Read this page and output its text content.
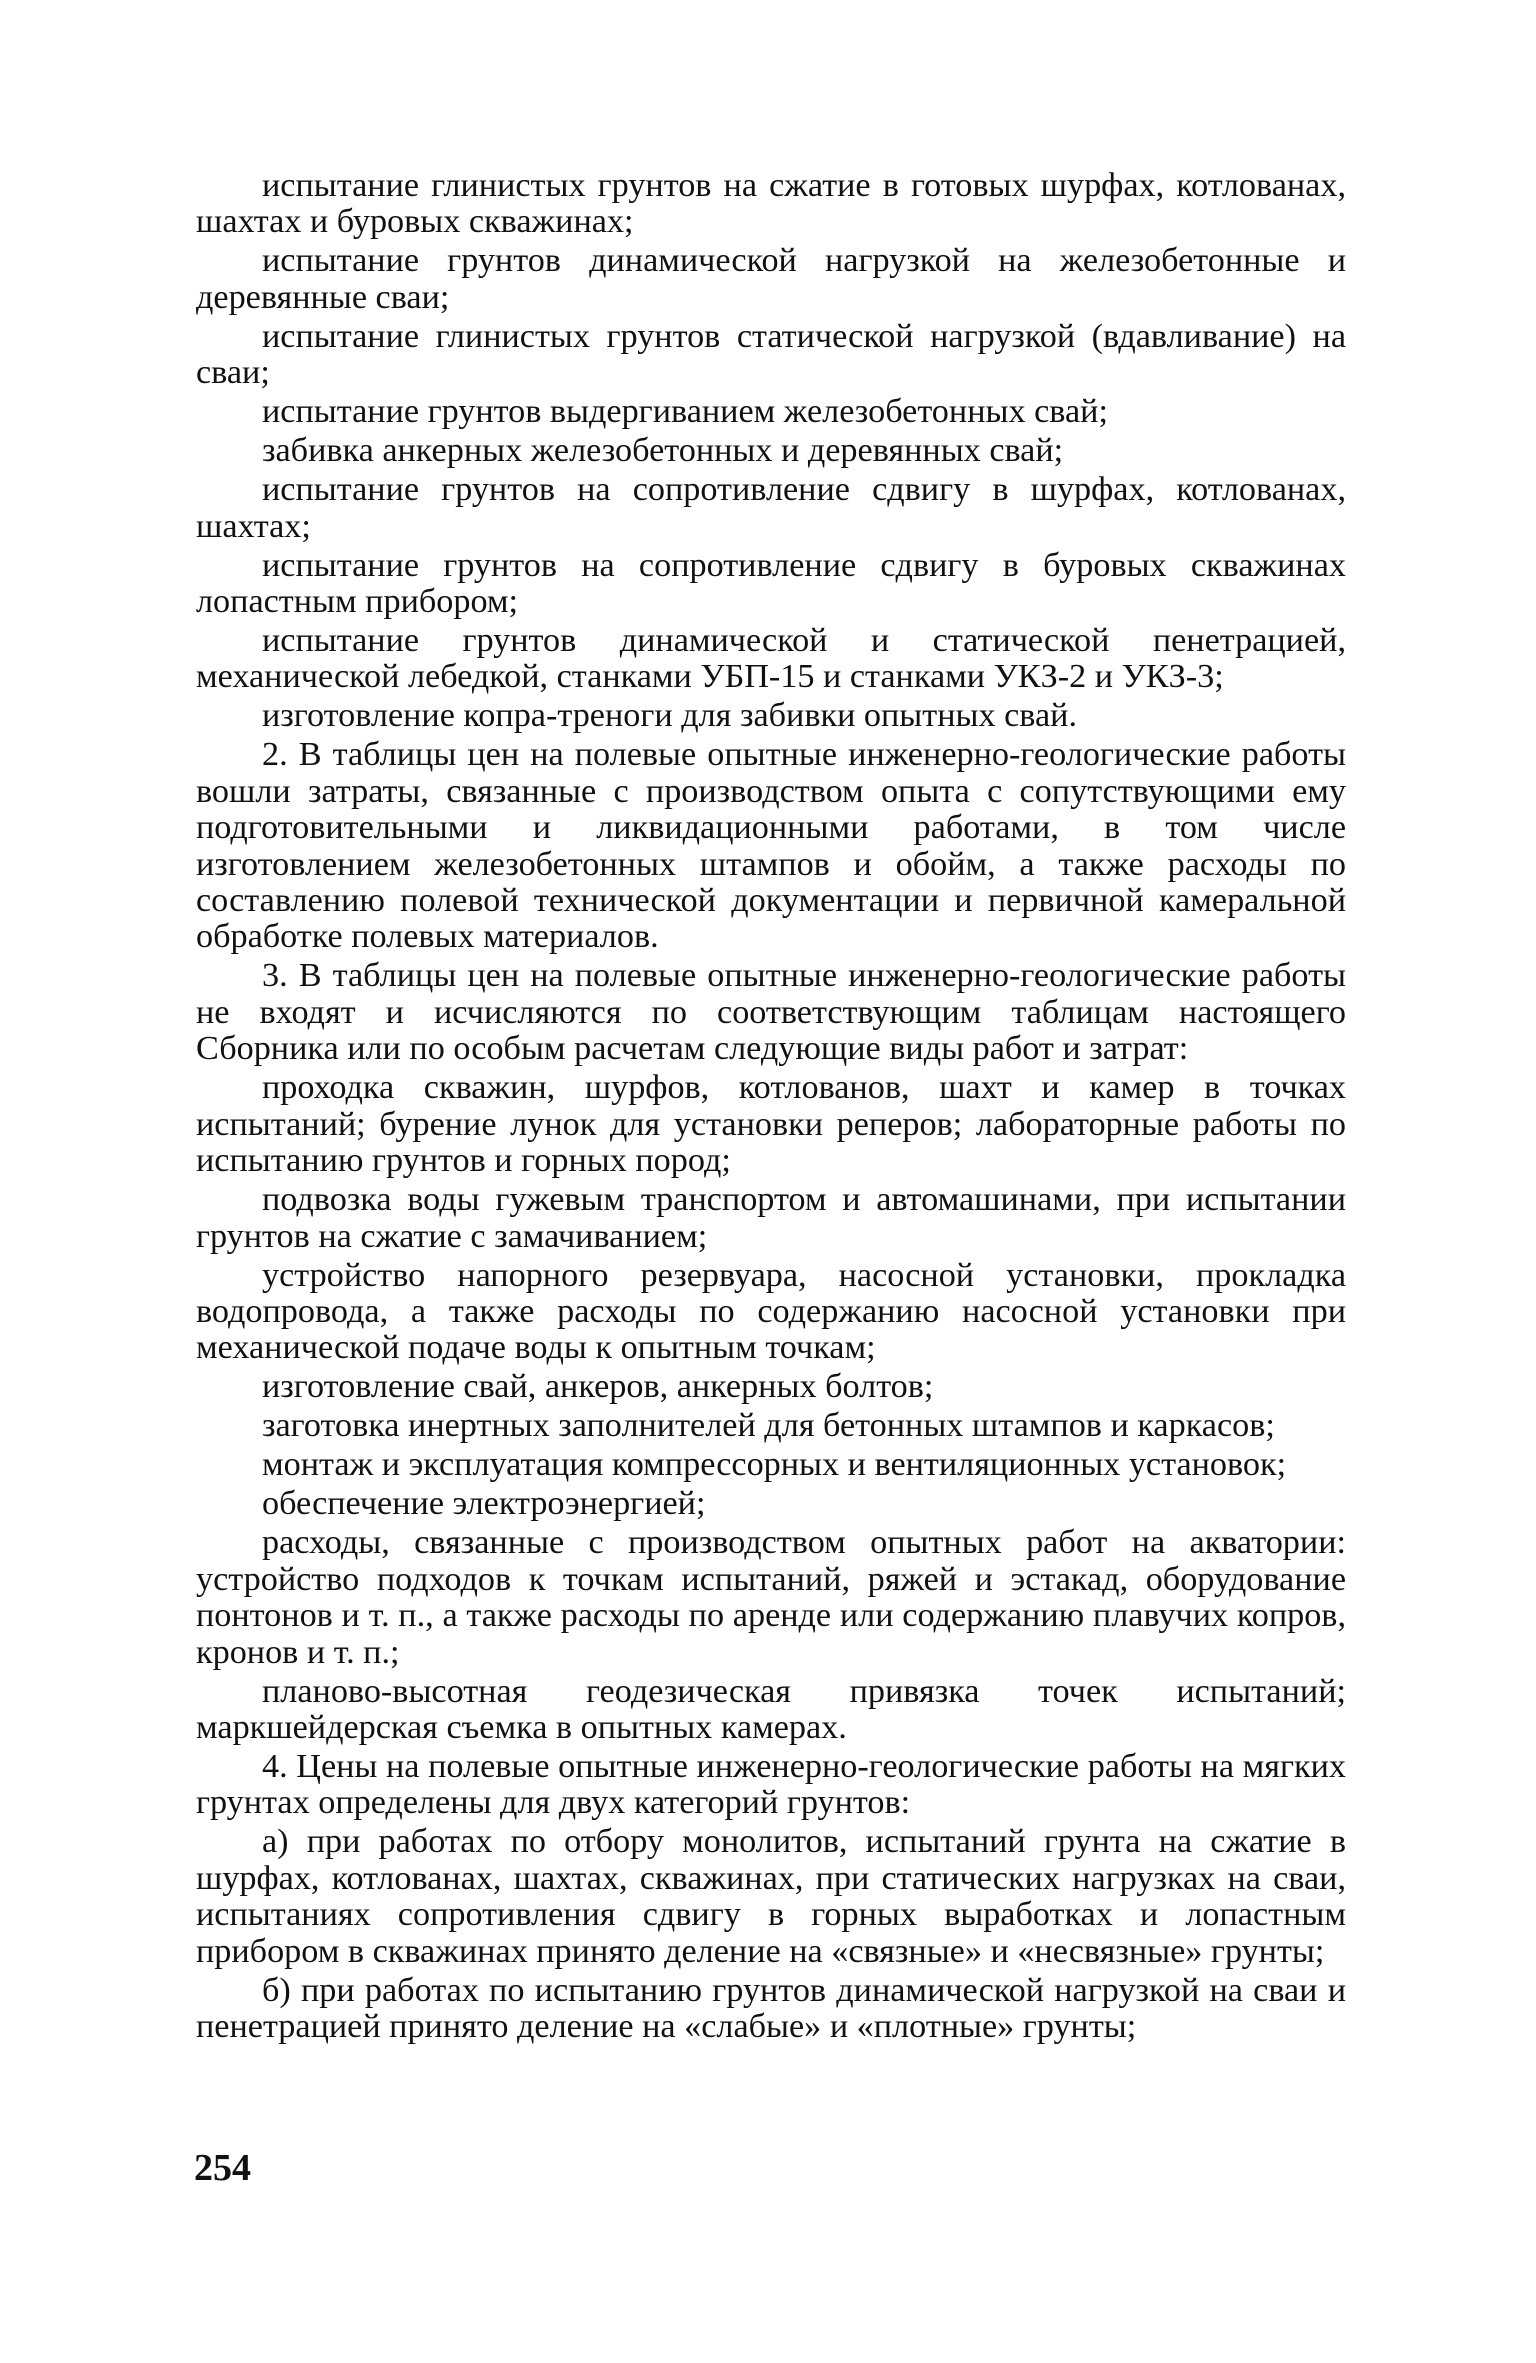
испытание глинистых грунтов на сжатие в готовых шурфах, котлованах, шахтах и буровых скважинах;

испытание грунтов динамической нагрузкой на железобетонные и деревянные сваи;

испытание глинистых грунтов статической нагрузкой (вдавливание) на сваи;

испытание грунтов выдергиванием железобетонных свай;

забивка анкерных железобетонных и деревянных свай;

испытание грунтов на сопротивление сдвигу в шурфах, котлованах, шахтах;

испытание грунтов на сопротивление сдвигу в буровых скважинах лопастным прибором;

испытание грунтов динамической и статической пенетрацией, механической лебедкой, станками УБП-15 и станками УКЗ-2 и УКЗ-3;

изготовление копра-треноги для забивки опытных свай.

2. В таблицы цен на полевые опытные инженерно-геологические работы вошли затраты, связанные с производством опыта с сопутствующими ему подготовительными и ликвидационными работами, в том числе изготовлением железобетонных штампов и обойм, а также расходы по составлению полевой технической документации и первичной камеральной обработке полевых материалов.

3. В таблицы цен на полевые опытные инженерно-геологические работы не входят и исчисляются по соответствующим таблицам настоящего Сборника или по особым расчетам следующие виды работ и затрат:

проходка скважин, шурфов, котлованов, шахт и камер в точках испытаний; бурение лунок для установки реперов; лабораторные работы по испытанию грунтов и горных пород;

подвозка воды гужевым транспортом и автомашинами, при испытании грунтов на сжатие с замачиванием;

устройство напорного резервуара, насосной установки, прокладка водопровода, а также расходы по содержанию насосной установки при механической подаче воды к опытным точкам;

изготовление свай, анкеров, анкерных болтов;

заготовка инертных заполнителей для бетонных штампов и каркасов;

монтаж и эксплуатация компрессорных и вентиляционных установок;

обеспечение электроэнергией;

расходы, связанные с производством опытных работ на акватории: устройство подходов к точкам испытаний, ряжей и эстакад, оборудование понтонов и т. п., а также расходы по аренде или содержанию плавучих копров, кронов и т. п.;

планово-высотная геодезическая привязка точек испытаний; маркшейдерская съемка в опытных камерах.

4. Цены на полевые опытные инженерно-геологические работы на мягких грунтах определены для двух категорий грунтов:

а) при работах по отбору монолитов, испытаний грунта на сжатие в шурфах, котлованах, шахтах, скважинах, при статических нагрузках на сваи, испытаниях сопротивления сдвигу в горных выработках и лопастным прибором в скважинах принято деление на «связные» и «несвязные» грунты;

б) при работах по испытанию грунтов динамической нагрузкой на сваи и пенетрацией принято деление на «слабые» и «плотные» грунты;

254
